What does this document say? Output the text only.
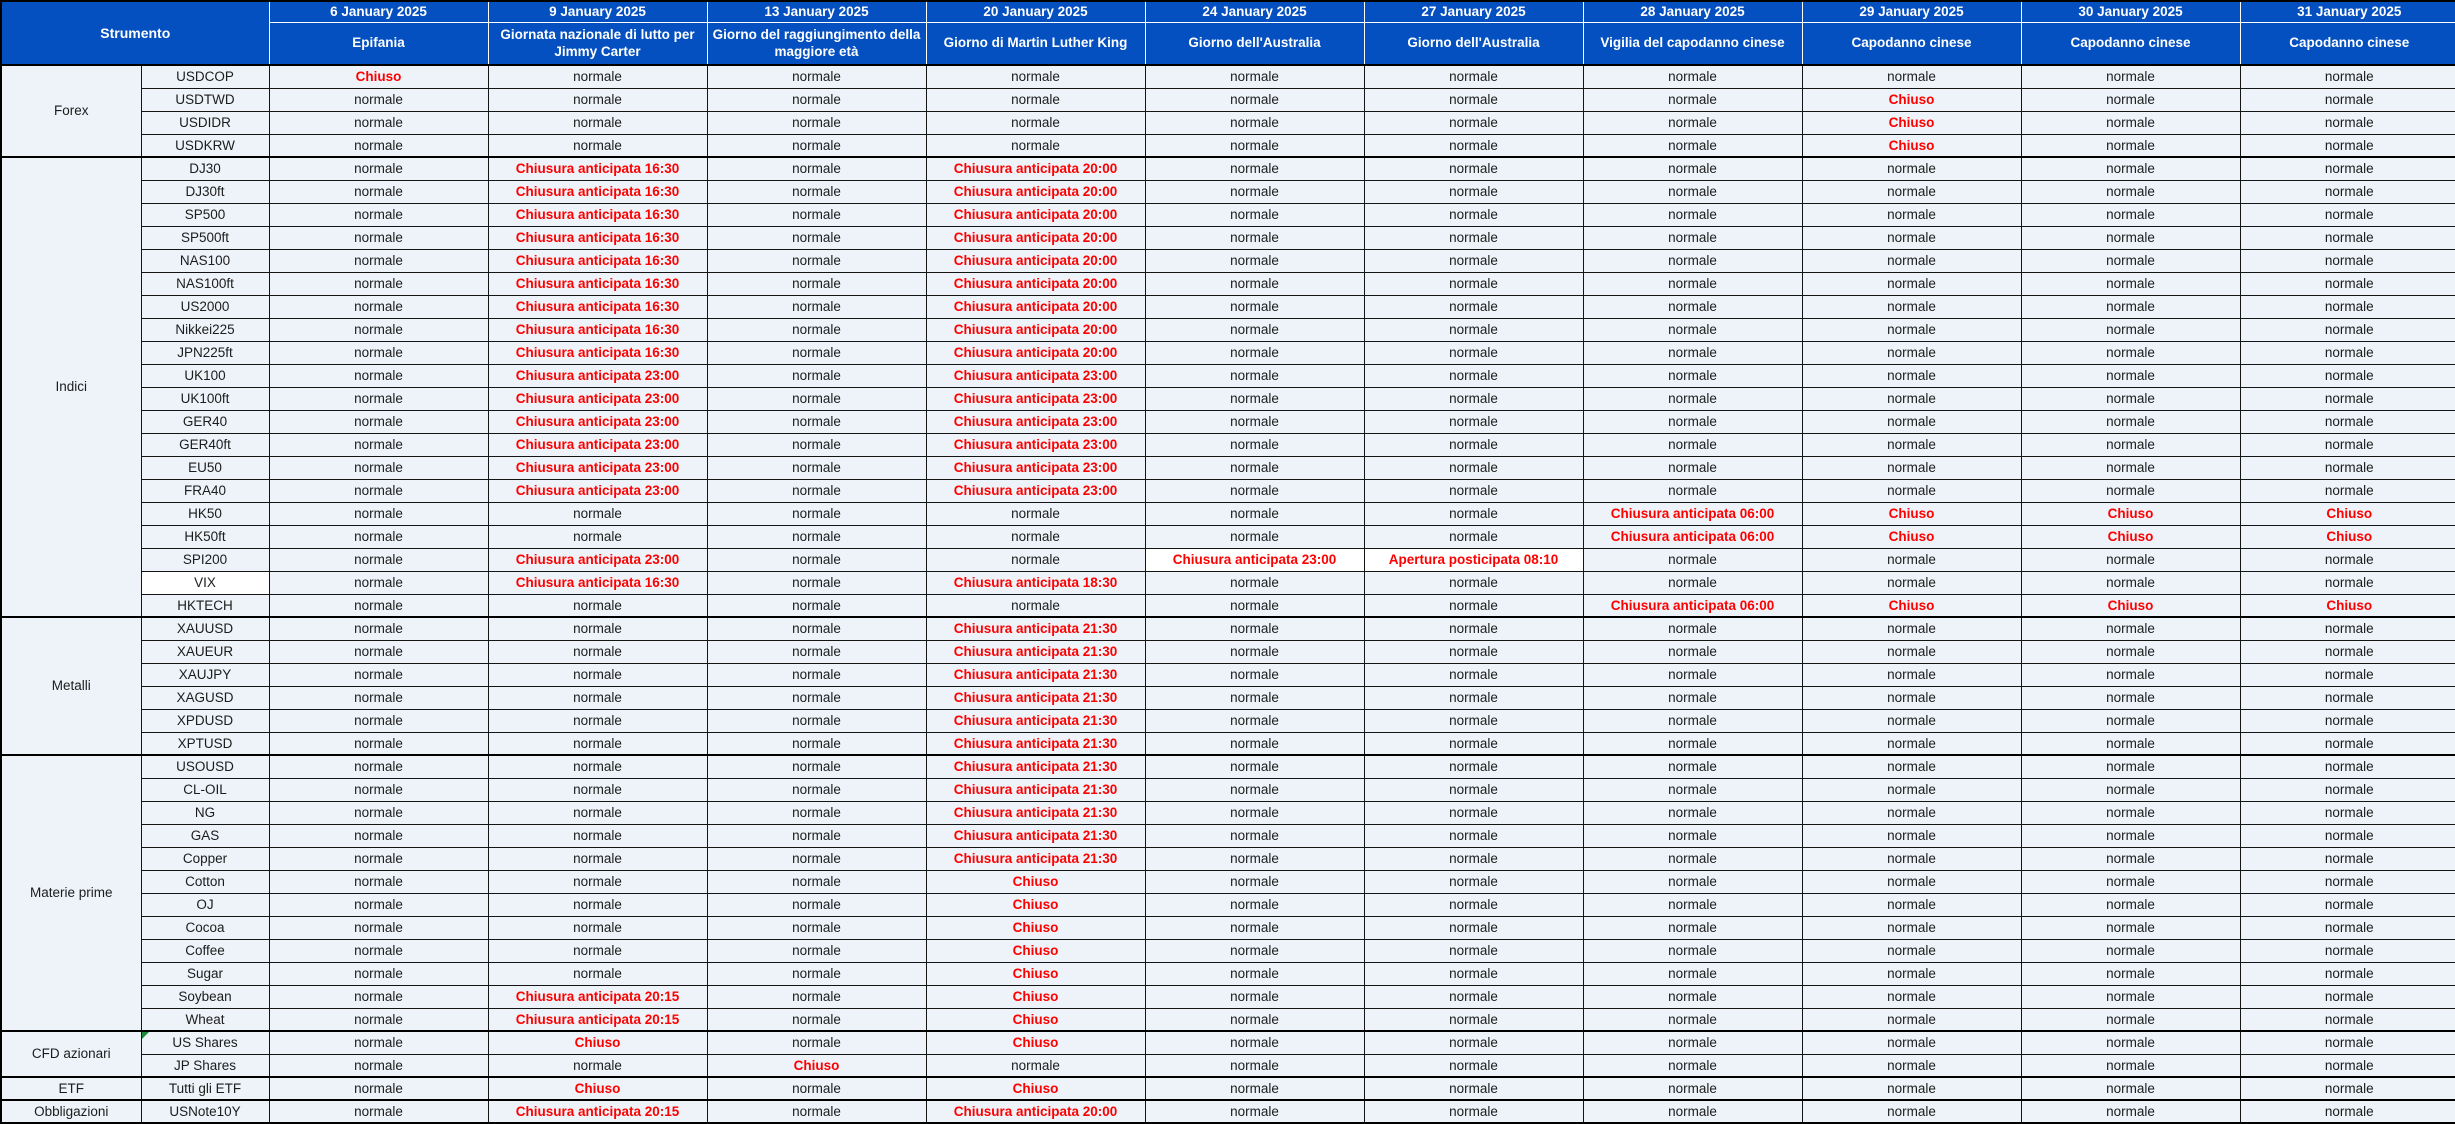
Strumento		6 January 2025	9 January 2025	13 January 2025	20 January 2025	24 January 2025	27 January 2025	28 January 2025	29 January 2025	30 January 2025	31 January 2025
		Epifania	Giornata nazionale di lutto per Jimmy Carter	Giorno del raggiungimento della maggiore età	Giorno di Martin Luther King	Giorno dell'Australia	Giorno dell'Australia	Vigilia del capodanno cinese	Capodanno cinese	Capodanno cinese	Capodanno cinese
Forex	USDCOP	Chiuso	normale	normale	normale	normale	normale	normale	normale	normale	normale
	USDTWD	normale	normale	normale	normale	normale	normale	normale	Chiuso	normale	normale
	USDIDR	normale	normale	normale	normale	normale	normale	normale	Chiuso	normale	normale
	USDKRW	normale	normale	normale	normale	normale	normale	normale	Chiuso	normale	normale
Indici	DJ30	normale	Chiusura anticipata 16:30	normale	Chiusura anticipata 20:00	normale	normale	normale	normale	normale	normale
	DJ30ft	normale	Chiusura anticipata 16:30	normale	Chiusura anticipata 20:00	normale	normale	normale	normale	normale	normale
	SP500	normale	Chiusura anticipata 16:30	normale	Chiusura anticipata 20:00	normale	normale	normale	normale	normale	normale
	SP500ft	normale	Chiusura anticipata 16:30	normale	Chiusura anticipata 20:00	normale	normale	normale	normale	normale	normale
	NAS100	normale	Chiusura anticipata 16:30	normale	Chiusura anticipata 20:00	normale	normale	normale	normale	normale	normale
	NAS100ft	normale	Chiusura anticipata 16:30	normale	Chiusura anticipata 20:00	normale	normale	normale	normale	normale	normale
	US2000	normale	Chiusura anticipata 16:30	normale	Chiusura anticipata 20:00	normale	normale	normale	normale	normale	normale
	Nikkei225	normale	Chiusura anticipata 16:30	normale	Chiusura anticipata 20:00	normale	normale	normale	normale	normale	normale
	JPN225ft	normale	Chiusura anticipata 16:30	normale	Chiusura anticipata 20:00	normale	normale	normale	normale	normale	normale
	UK100	normale	Chiusura anticipata 23:00	normale	Chiusura anticipata 23:00	normale	normale	normale	normale	normale	normale
	UK100ft	normale	Chiusura anticipata 23:00	normale	Chiusura anticipata 23:00	normale	normale	normale	normale	normale	normale
	GER40	normale	Chiusura anticipata 23:00	normale	Chiusura anticipata 23:00	normale	normale	normale	normale	normale	normale
	GER40ft	normale	Chiusura anticipata 23:00	normale	Chiusura anticipata 23:00	normale	normale	normale	normale	normale	normale
	EU50	normale	Chiusura anticipata 23:00	normale	Chiusura anticipata 23:00	normale	normale	normale	normale	normale	normale
	FRA40	normale	Chiusura anticipata 23:00	normale	Chiusura anticipata 23:00	normale	normale	normale	normale	normale	normale
	HK50	normale	normale	normale	normale	normale	normale	Chiusura anticipata 06:00	Chiuso	Chiuso	Chiuso
	HK50ft	normale	normale	normale	normale	normale	normale	Chiusura anticipata 06:00	Chiuso	Chiuso	Chiuso
	SPI200	normale	Chiusura anticipata 23:00	normale	normale	Chiusura anticipata 23:00	Apertura posticipata 08:10	normale	normale	normale	normale
	VIX	normale	Chiusura anticipata 16:30	normale	Chiusura anticipata 18:30	normale	normale	normale	normale	normale	normale
	HKTECH	normale	normale	normale	normale	normale	normale	Chiusura anticipata 06:00	Chiuso	Chiuso	Chiuso
Metalli	XAUUSD	normale	normale	normale	Chiusura anticipata 21:30	normale	normale	normale	normale	normale	normale
	XAUEUR	normale	normale	normale	Chiusura anticipata 21:30	normale	normale	normale	normale	normale	normale
	XAUJPY	normale	normale	normale	Chiusura anticipata 21:30	normale	normale	normale	normale	normale	normale
	XAGUSD	normale	normale	normale	Chiusura anticipata 21:30	normale	normale	normale	normale	normale	normale
	XPDUSD	normale	normale	normale	Chiusura anticipata 21:30	normale	normale	normale	normale	normale	normale
	XPTUSD	normale	normale	normale	Chiusura anticipata 21:30	normale	normale	normale	normale	normale	normale
Materie prime	USOUSD	normale	normale	normale	Chiusura anticipata 21:30	normale	normale	normale	normale	normale	normale
	CL-OIL	normale	normale	normale	Chiusura anticipata 21:30	normale	normale	normale	normale	normale	normale
	NG	normale	normale	normale	Chiusura anticipata 21:30	normale	normale	normale	normale	normale	normale
	GAS	normale	normale	normale	Chiusura anticipata 21:30	normale	normale	normale	normale	normale	normale
	Copper	normale	normale	normale	Chiusura anticipata 21:30	normale	normale	normale	normale	normale	normale
	Cotton	normale	normale	normale	Chiuso	normale	normale	normale	normale	normale	normale
	OJ	normale	normale	normale	Chiuso	normale	normale	normale	normale	normale	normale
	Cocoa	normale	normale	normale	Chiuso	normale	normale	normale	normale	normale	normale
	Coffee	normale	normale	normale	Chiuso	normale	normale	normale	normale	normale	normale
	Sugar	normale	normale	normale	Chiuso	normale	normale	normale	normale	normale	normale
	Soybean	normale	Chiusura anticipata 20:15	normale	Chiuso	normale	normale	normale	normale	normale	normale
	Wheat	normale	Chiusura anticipata 20:15	normale	Chiuso	normale	normale	normale	normale	normale	normale
CFD azionari	US Shares	normale	Chiuso	normale	Chiuso	normale	normale	normale	normale	normale	normale
	JP Shares	normale	normale	Chiuso	normale	normale	normale	normale	normale	normale	normale
ETF	Tutti gli ETF	normale	Chiuso	normale	Chiuso	normale	normale	normale	normale	normale	normale
Obbligazioni	USNote10Y	normale	Chiusura anticipata 20:15	normale	Chiusura anticipata 20:00	normale	normale	normale	normale	normale	normale
